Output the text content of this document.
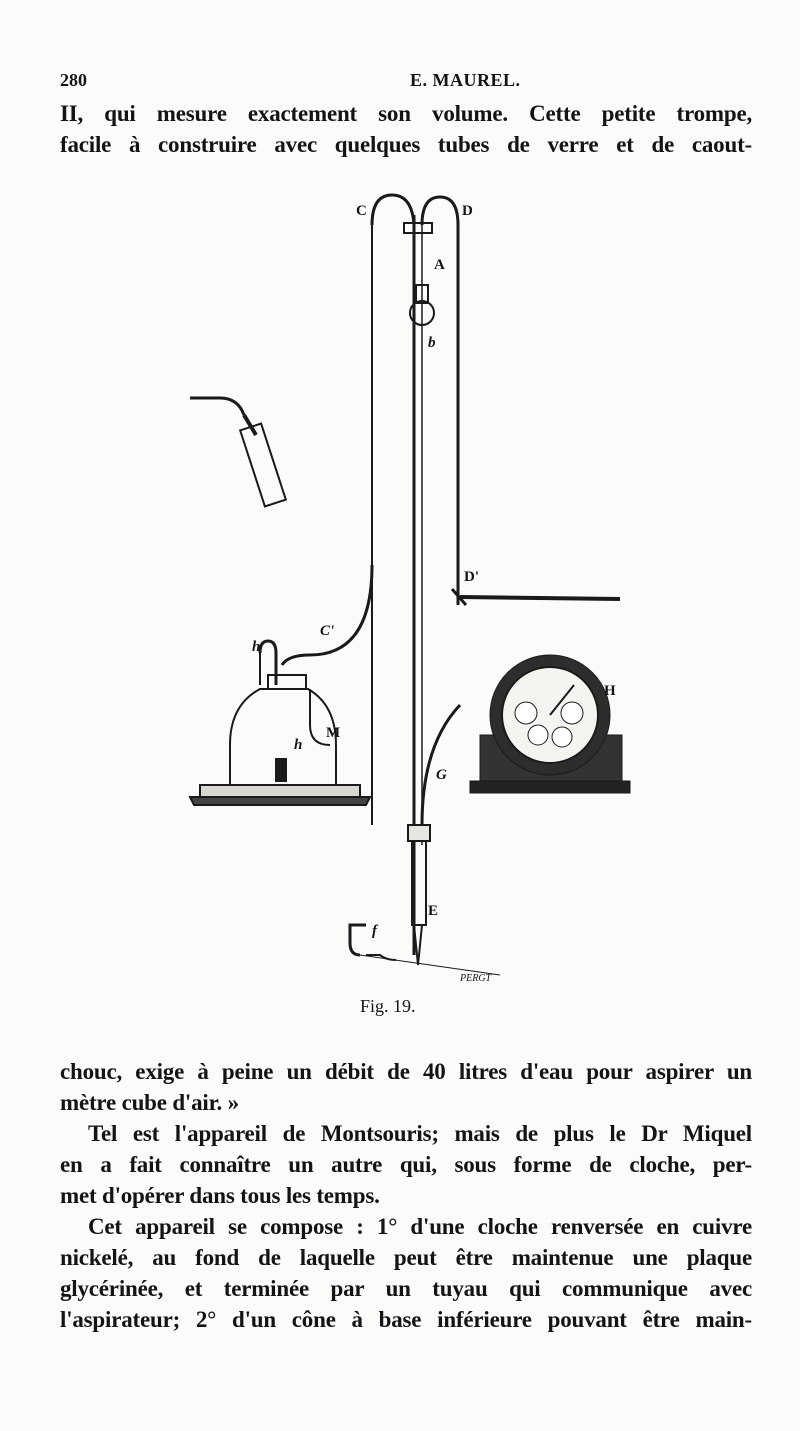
280	E. MAUREL.
II, qui mesure exactement son volume. Cette petite trompe,
facile à construire avec quelques tubes de verre et de caout-
C	D
A
b
D'
C'
h
h
M
H
G
E
f
PERGT
Fig. 19.
chouc, exige à peine un débit de 40 litres d'eau pour aspirer un
mètre cube d'air. »
Tel est l'appareil de Montsouris; mais de plus le Dr Miquel
en a fait connaître un autre qui, sous forme de cloche, per-
met d'opérer dans tous les temps.
Cet appareil se compose : 1° d'une cloche renversée en cuivre
nickelé, au fond de laquelle peut être maintenue une plaque
glycérinée, et terminée par un tuyau qui communique avec
l'aspirateur; 2° d'un cône à base inférieure pouvant être main-
